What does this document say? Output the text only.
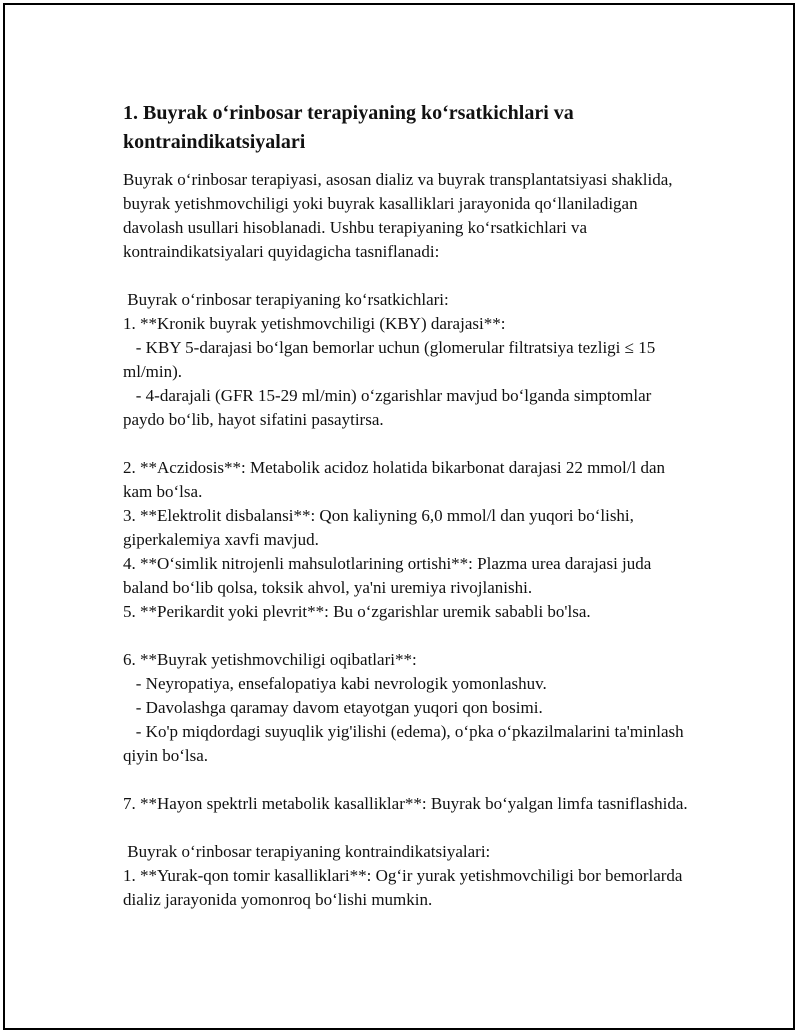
1. Buyrak o‘rinbosar terapiyaning ko‘rsatkichlari va kontraindikatsiyalari

Buyrak o‘rinbosar terapiyasi, asosan dializ va buyrak transplantatsiyasi shaklida, buyrak yetishmovchiligi yoki buyrak kasalliklari jarayonida qo‘llaniladigan davolash usullari hisoblanadi. Ushbu terapiyaning ko‘rsatkichlari va kontraindikatsiyalari quyidagicha tasniflanadi:

Buyrak o‘rinbosar terapiyaning ko‘rsatkichlari:

1. **Kronik buyrak yetishmovchiligi (KBY) darajasi**:

- KBY 5-darajasi bo‘lgan bemorlar uchun (glomerular filtratsiya tezligi ≤ 15 ml/min).

- 4-darajali (GFR 15-29 ml/min) o‘zgarishlar mavjud bo‘lganda simptomlar paydo bo‘lib, hayot sifatini pasaytirsa.

2. **Aczidosis**: Metabolik acidoz holatida bikarbonat darajasi 22 mmol/l dan kam bo‘lsa.

3. **Elektrolit disbalansi**: Qon kaliyning 6,0 mmol/l dan yuqori bo‘lishi, giperkalemiya xavfi mavjud.

4. **O‘simlik nitrojenli mahsulotlarining ortishi**: Plazma urea darajasi juda baland bo‘lib qolsa, toksik ahvol, ya'ni uremiya rivojlanishi.

5. **Perikardit yoki plevrit**: Bu o‘zgarishlar uremik sababli bo'lsa.

6. **Buyrak yetishmovchiligi oqibatlari**:

- Neyropatiya, ensefalopatiya kabi nevrologik yomonlashuv.

- Davolashga qaramay davom etayotgan yuqori qon bosimi.

- Ko'p miqdordagi suyuqlik yig'ilishi (edema), o‘pka o‘pkazilmalarini ta'minlash qiyin bo‘lsa.

7. **Hayon spektrli metabolik kasalliklar**: Buyrak bo‘yalgan limfa tasniflashida.

Buyrak o‘rinbosar terapiyaning kontraindikatsiyalari:

1. **Yurak-qon tomir kasalliklari**: Og‘ir yurak yetishmovchiligi bor bemorlarda dializ jarayonida yomonroq bo‘lishi mumkin.
